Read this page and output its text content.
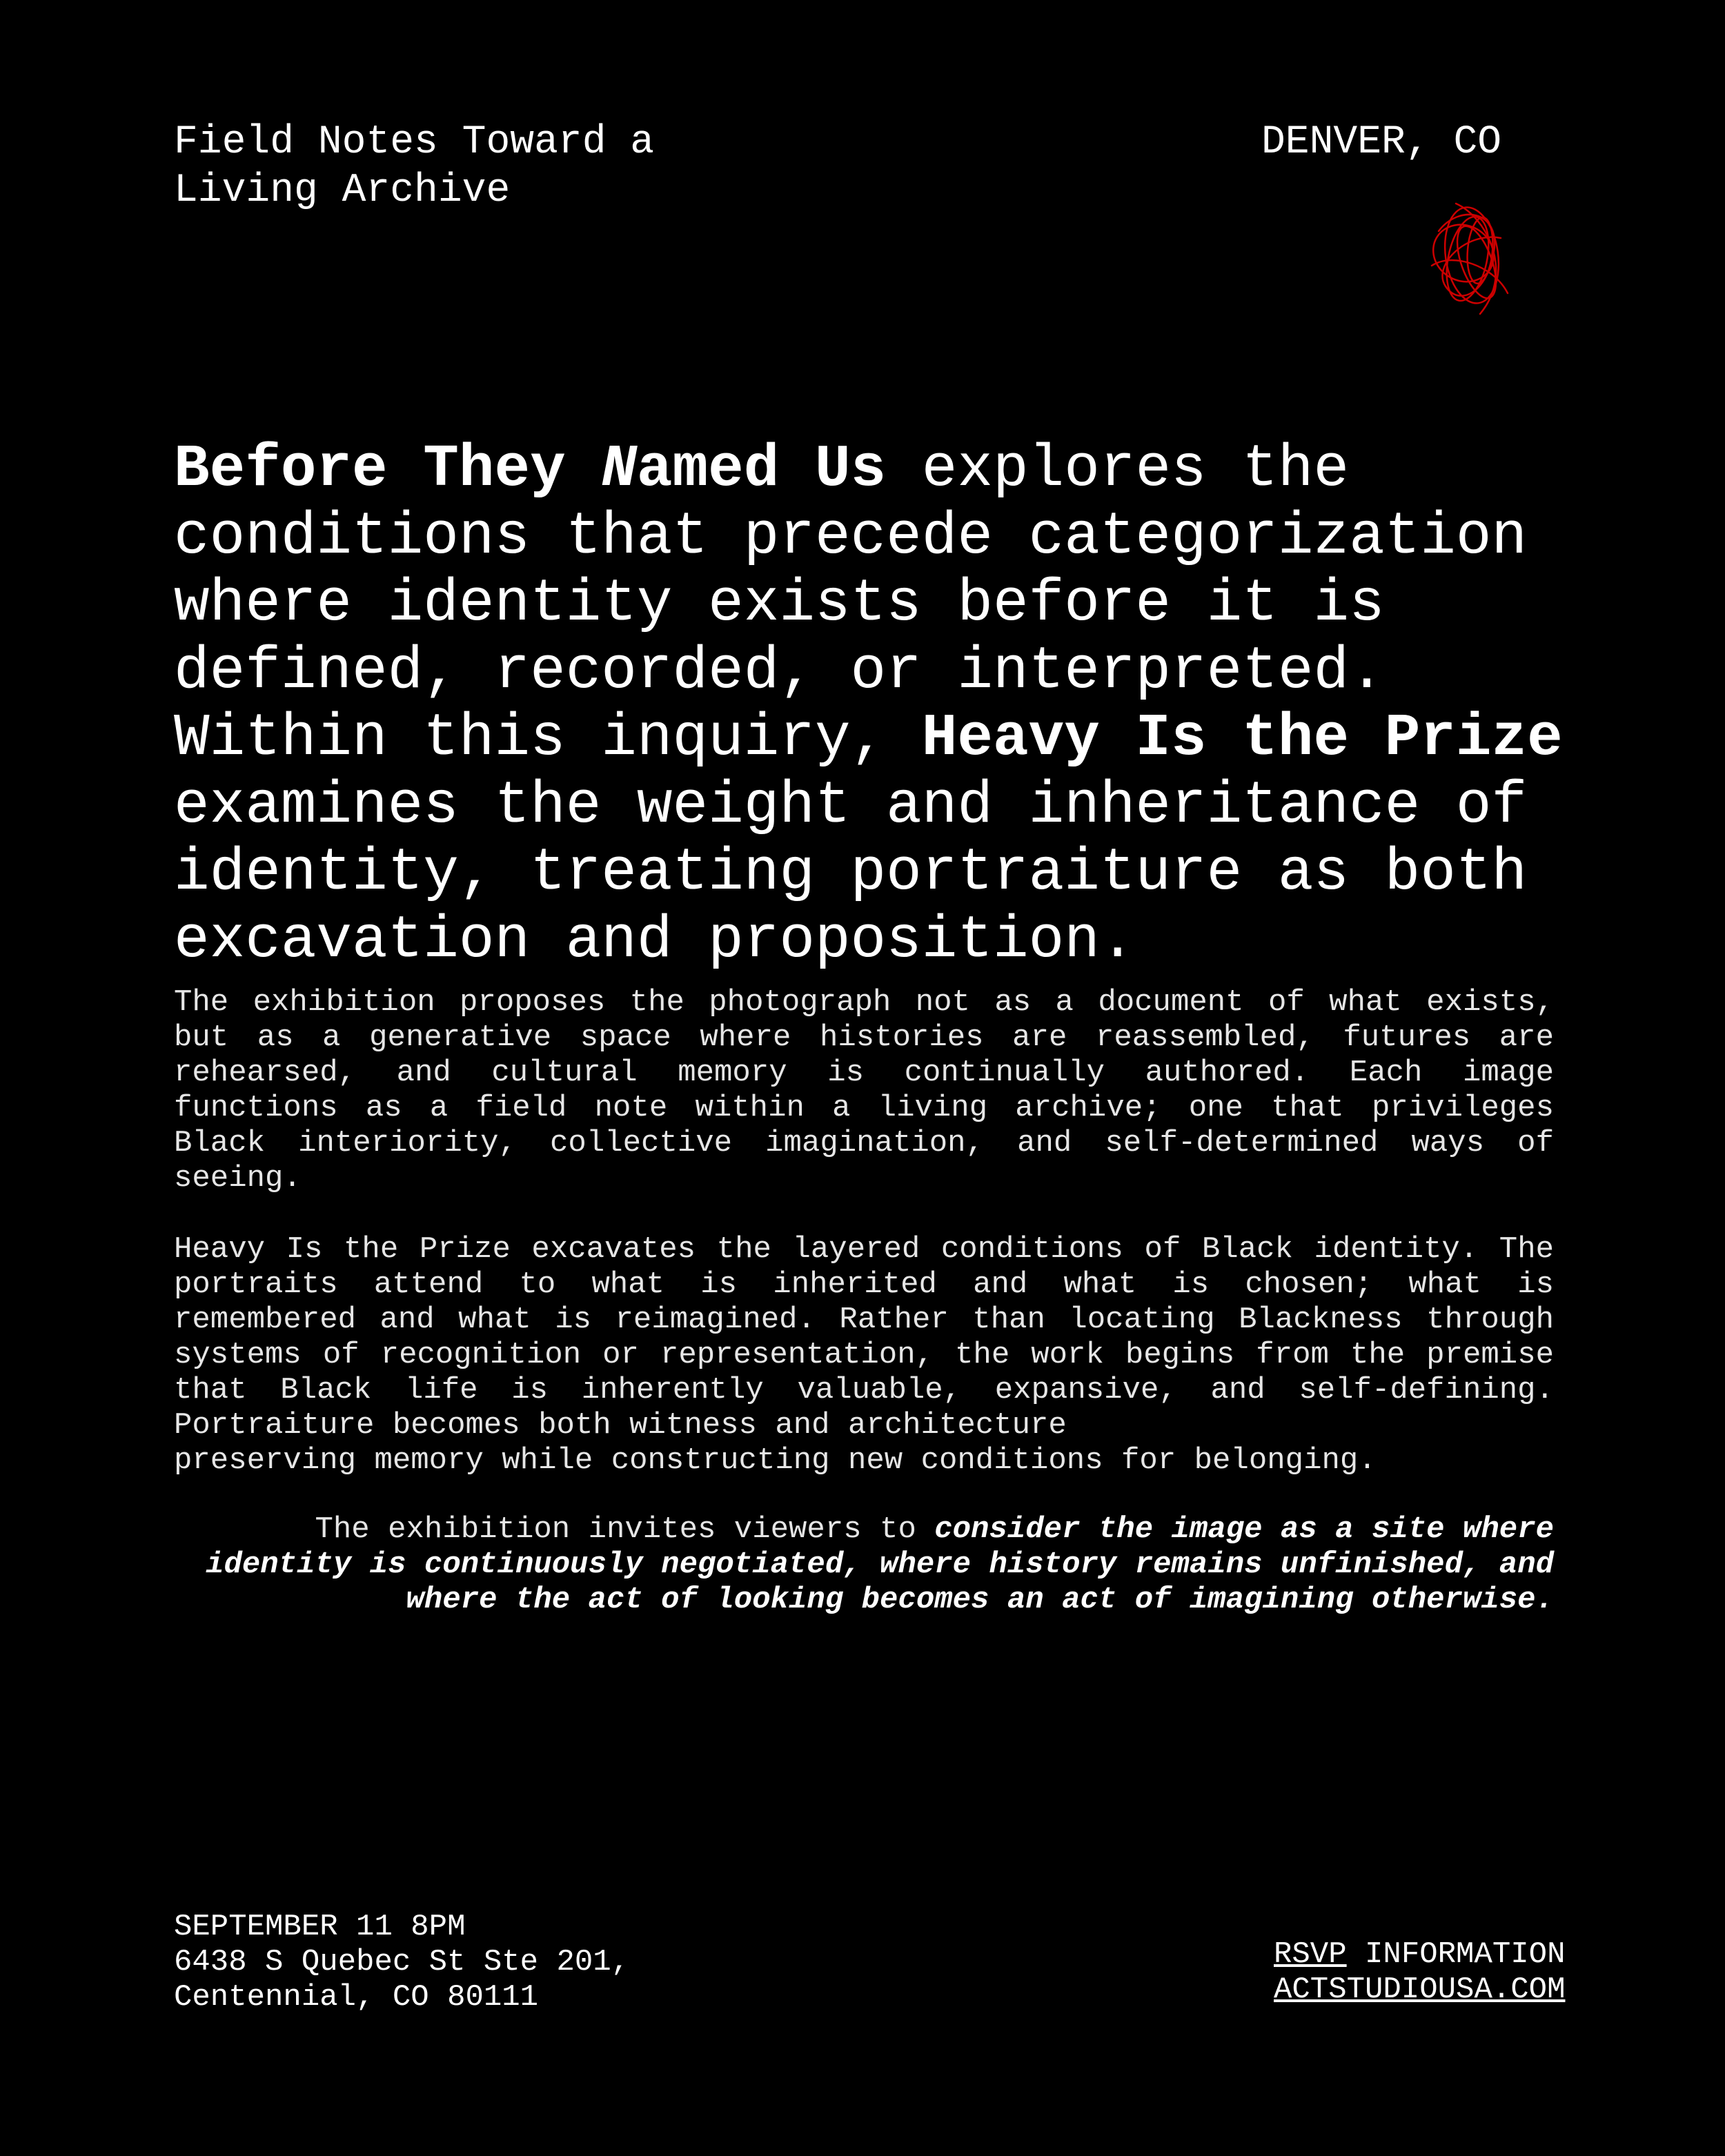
Field Notes Toward a
Living Archive
DENVER, CO

Before They Named Us explores the conditions that precede categorization where identity exists before it is defined, recorded, or interpreted. Within this inquiry, Heavy Is the Prize examines the weight and inheritance of identity, treating portraiture as both excavation and proposition.

The exhibition proposes the photograph not as a document of what exists, but as a generative space where histories are reassembled, futures are rehearsed, and cultural memory is continually authored. Each image functions as a field note within a living archive; one that privileges Black interiority, collective imagination, and self-determined ways of seeing.

Heavy Is the Prize excavates the layered conditions of Black identity. The portraits attend to what is inherited and what is chosen; what is remembered and what is reimagined. Rather than locating Blackness through systems of recognition or representation, the work begins from the premise that Black life is inherently valuable, expansive, and self-defining. Portraiture becomes both witness and architecture
preserving memory while constructing new conditions for belonging.

The exhibition invites viewers to consider the image as a site where identity is continuously negotiated, where history remains unfinished, and where the act of looking becomes an act of imagining otherwise.

SEPTEMBER 11 8PM
6438 S Quebec St Ste 201,
Centennial, CO 80111
RSVP INFORMATION
ACTSTUDIOUSA.COM
